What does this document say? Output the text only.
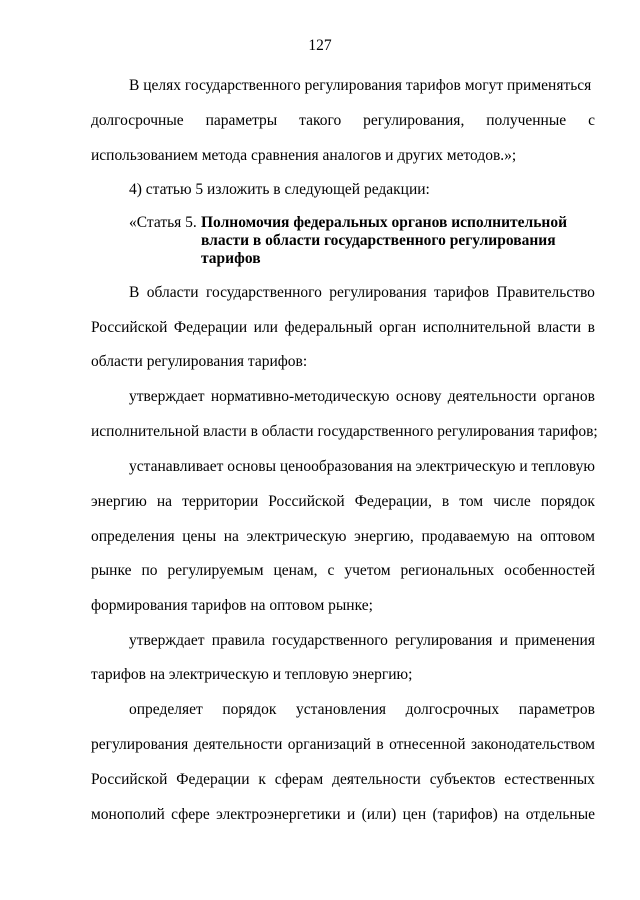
127
В целях государственного регулирования тарифов могут применяться
долгосрочные параметры такого регулирования, полученные с
использованием метода сравнения аналогов и других методов.»;
4) статью 5 изложить в следующей редакции:
«Статья 5. Полномочия федеральных органов исполнительной
власти в области государственного регулирования
тарифов
В области государственного регулирования тарифов Правительство
Российской Федерации или федеральный орган исполнительной власти в
области регулирования тарифов:
утверждает нормативно-методическую основу деятельности органов
исполнительной власти в области государственного регулирования тарифов;
устанавливает основы ценообразования на электрическую и тепловую
энергию на территории Российской Федерации, в том числе порядок
определения цены на электрическую энергию, продаваемую на оптовом
рынке по регулируемым ценам, с учетом региональных особенностей
формирования тарифов на оптовом рынке;
утверждает правила государственного регулирования и применения
тарифов на электрическую и тепловую энергию;
определяет порядок установления долгосрочных параметров
регулирования деятельности организаций в отнесенной законодательством
Российской Федерации к сферам деятельности субъектов естественных
монополий сфере электроэнергетики и (или) цен (тарифов) на отдельные
